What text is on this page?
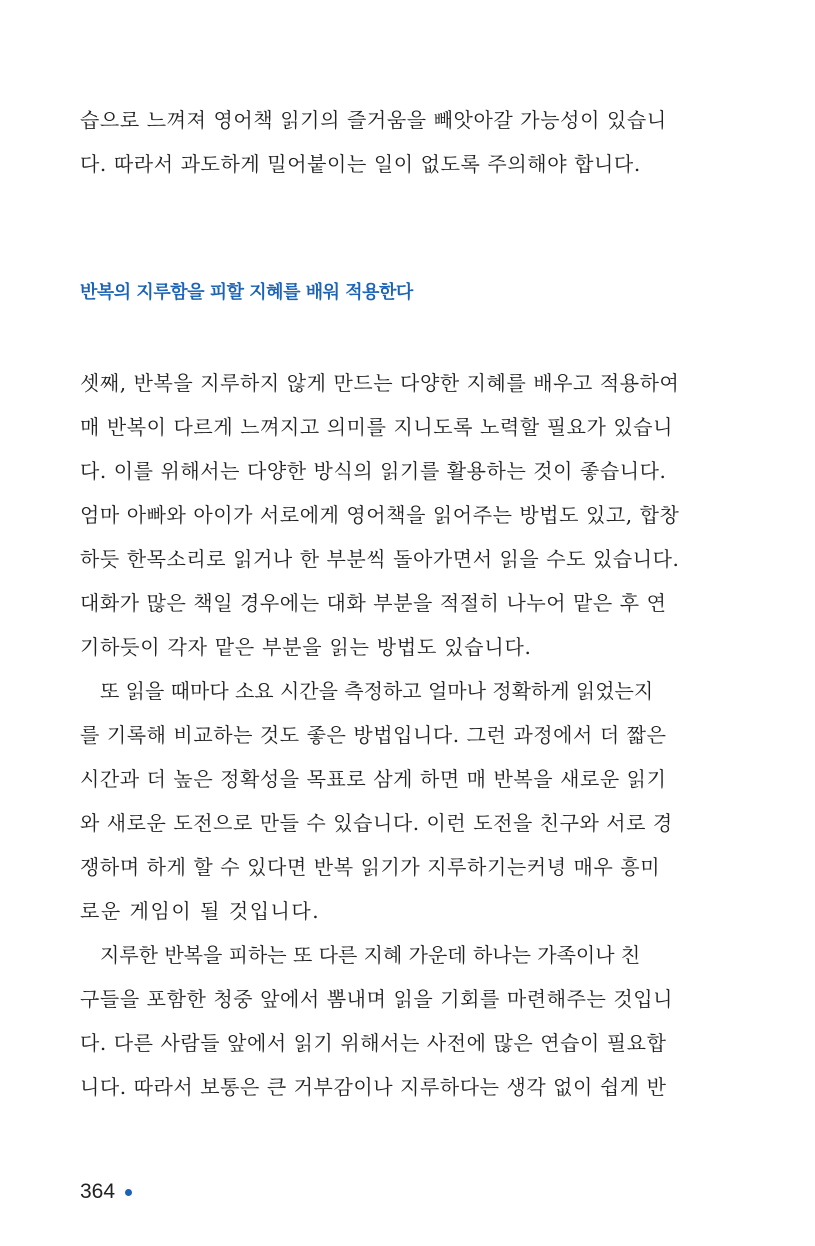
습으로 느껴져 영어책 읽기의 즐거움을 빼앗아갈 가능성이 있습니
다. 따라서 과도하게 밀어붙이는 일이 없도록 주의해야 합니다.
반복의 지루함을 피할 지혜를 배워 적용한다
셋째, 반복을 지루하지 않게 만드는 다양한 지혜를 배우고 적용하여
매 반복이 다르게 느껴지고 의미를 지니도록 노력할 필요가 있습니
다. 이를 위해서는 다양한 방식의 읽기를 활용하는 것이 좋습니다.
엄마 아빠와 아이가 서로에게 영어책을 읽어주는 방법도 있고, 합창
하듯 한목소리로 읽거나 한 부분씩 돌아가면서 읽을 수도 있습니다.
대화가 많은 책일 경우에는 대화 부분을 적절히 나누어 맡은 후 연
기하듯이 각자 맡은 부분을 읽는 방법도 있습니다.
또 읽을 때마다 소요 시간을 측정하고 얼마나 정확하게 읽었는지
를 기록해 비교하는 것도 좋은 방법입니다. 그런 과정에서 더 짧은
시간과 더 높은 정확성을 목표로 삼게 하면 매 반복을 새로운 읽기
와 새로운 도전으로 만들 수 있습니다. 이런 도전을 친구와 서로 경
쟁하며 하게 할 수 있다면 반복 읽기가 지루하기는커녕 매우 흥미
로운 게임이 될 것입니다.
지루한 반복을 피하는 또 다른 지혜 가운데 하나는 가족이나 친
구들을 포함한 청중 앞에서 뽐내며 읽을 기회를 마련해주는 것입니
다. 다른 사람들 앞에서 읽기 위해서는 사전에 많은 연습이 필요합
니다. 따라서 보통은 큰 거부감이나 지루하다는 생각 없이 쉽게 반
364
